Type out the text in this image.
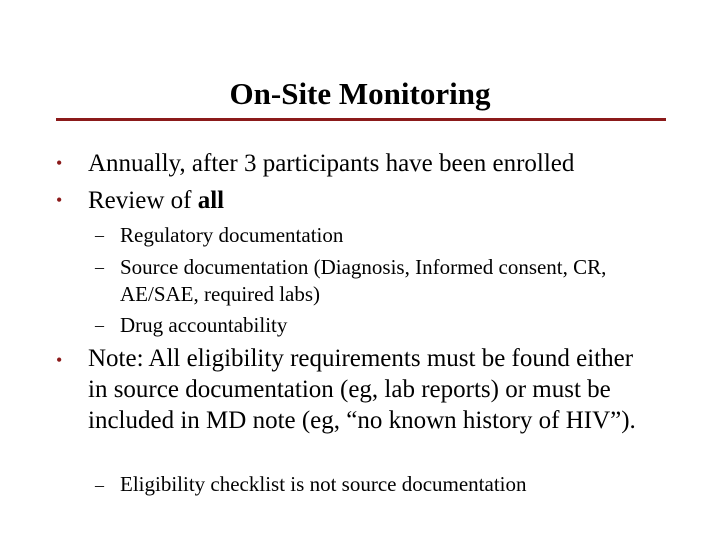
On-Site Monitoring
• Annually, after 3 participants have been enrolled
• Review of all
– Regulatory documentation
– Source documentation (Diagnosis, Informed consent, CR, AE/SAE, required labs)
– Drug accountability
• Note: All eligibility requirements must be found either in source documentation (eg, lab reports) or must be included in MD note (eg, “no known history of HIV”).
– Eligibility checklist is not source documentation
